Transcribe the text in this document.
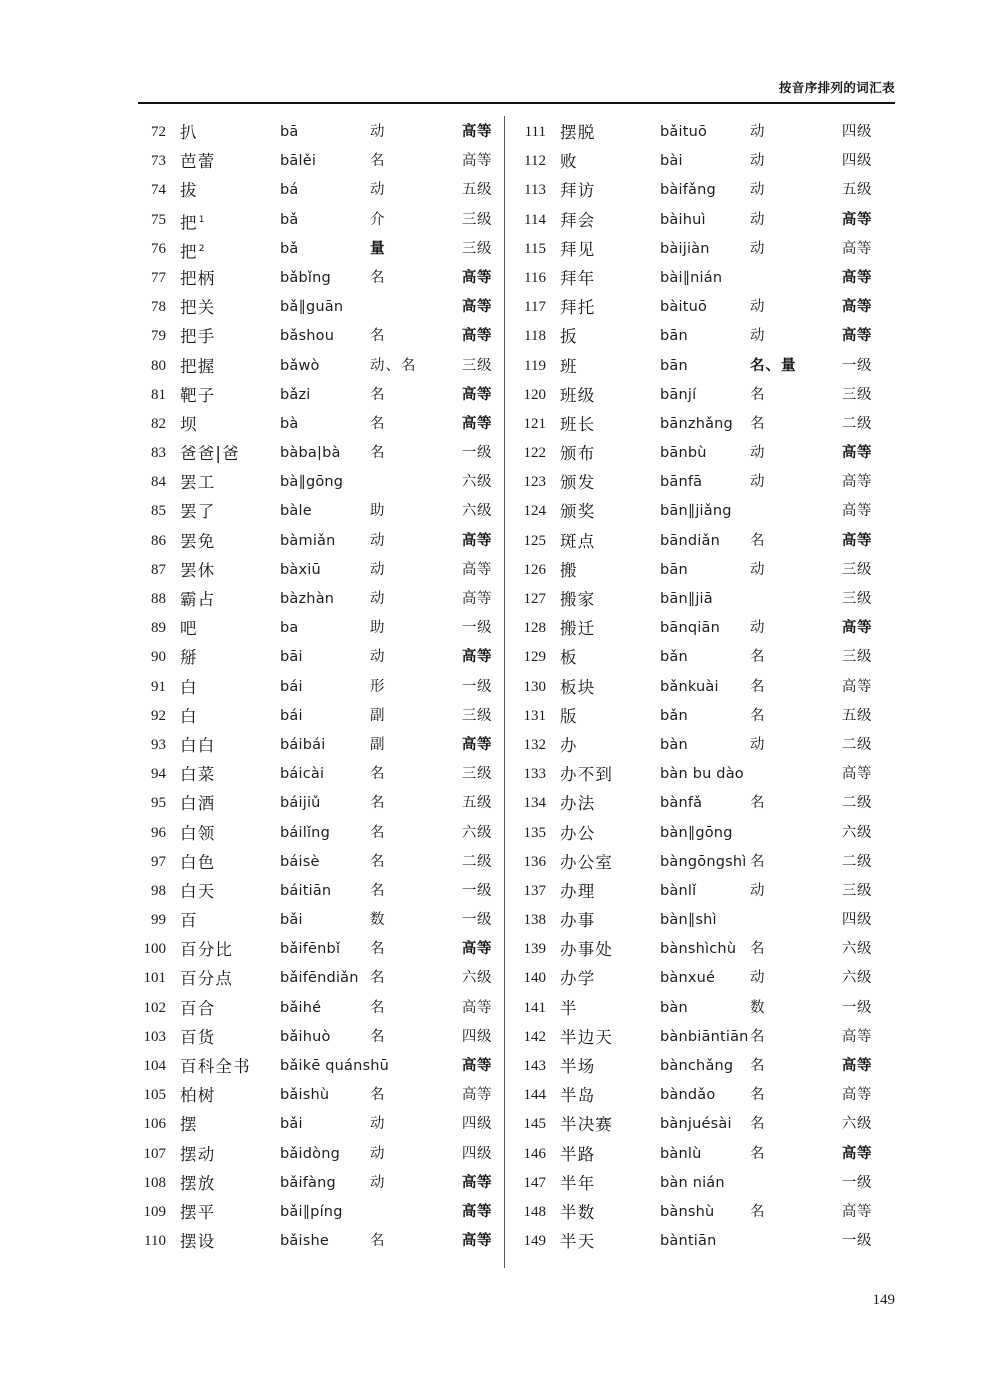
按音序排列的词汇表
72 扒	bā	动	高等
73 芭蕾	bālěi	名	高等
74 拔	bá	动	五级
75 把$^1$	bǎ	介	三级
76 把$^2$	bǎ	量	三级
77 把柄	bǎbǐng	名	高等
78 把关	bǎ∥guān	高等
79 把手	bǎshou 名	高等
80 把握	bǎwò	动、名	三级
81 靶子	bǎzi	名	高等
82 坝	bà	名	高等
83 爸爸|爸	bàba|bà 名	一级
84 罢工	bà∥gōng	六级
85 罢了	bàle	助	六级
86 罢免	bàmiǎn 动	高等
87 罢休	bàxiū	动	高等
88 霸占	bàzhàn 动	高等
89 吧	ba	助	一级
90 掰	bāi	动	高等
91 白	bái	形	一级
92 白	bái	副	三级
93 白白	báibái	副	高等
94 白菜	báicài	名	三级
95 白酒	báijiǔ	名	五级
96 白领	báilǐng	名	六级
97 白色	báisè	名	二级
98 白天	báitiān	名	一级
99 百	bǎi	数	一级
100 百分比	bǎifēnbǐ 名	高等
101 百分点	bǎifēndiǎn 名	六级
102 百合	bǎihé	名	高等
103 百货	bǎihuò	名	四级
104 百科全书 bǎikē quánshū	高等
105 柏树	bǎishù	名	高等
106 摆	bǎi	动	四级
107 摆动	bǎidòng 动	四级
108 摆放	bǎifàng 动	高等
109 摆平	bǎi∥píng	高等
110 摆设	bǎishe	名	高等
111 摆脱	bǎituō	动	四级
112 败	bài	动	四级
113 拜访	bàifǎng 动	五级
114 拜会	bàihuì	动	高等
115 拜见	bàijiàn	动	高等
116 拜年	bài∥nián	高等
117 拜托	bàituō	动	高等
118 扳	bān	动	高等
119 班	bān	名、量	一级
120 班级	bānjí	名	三级
121 班长	bānzhǎng 名	二级
122 颁布	bānbù	动	高等
123 颁发	bānfā	动	高等
124 颁奖	bān∥jiǎng	高等
125 斑点	bāndiǎn 名	高等
126 搬	bān	动	三级
127 搬家	bān∥jiā	三级
128 搬迁	bānqiān 动	高等
129 板	bǎn	名	三级
130 板块	bǎnkuài 名	高等
131 版	bǎn	名	五级
132 办	bàn	动	二级
133 办不到	bàn bu dào	高等
134 办法	bànfǎ	名	二级
135 办公	bàn∥gōng	六级
136 办公室	bàngōngshì 名	二级
137 办理	bànlǐ	动	三级
138 办事	bàn∥shì	四级
139 办事处	bànshìchù 名	六级
140 办学	bànxué 动	六级
141 半	bàn	数	一级
142 半边天	bànbiāntiān 名	高等
143 半场	bànchǎng 名	高等
144 半岛	bàndǎo 名	高等
145 半决赛	bànjuésài 名	六级
146 半路	bànlù	名	高等
147 半年	bàn nián	一级
148 半数	bànshù 名	高等
149 半天	bàntiān	一级
149
